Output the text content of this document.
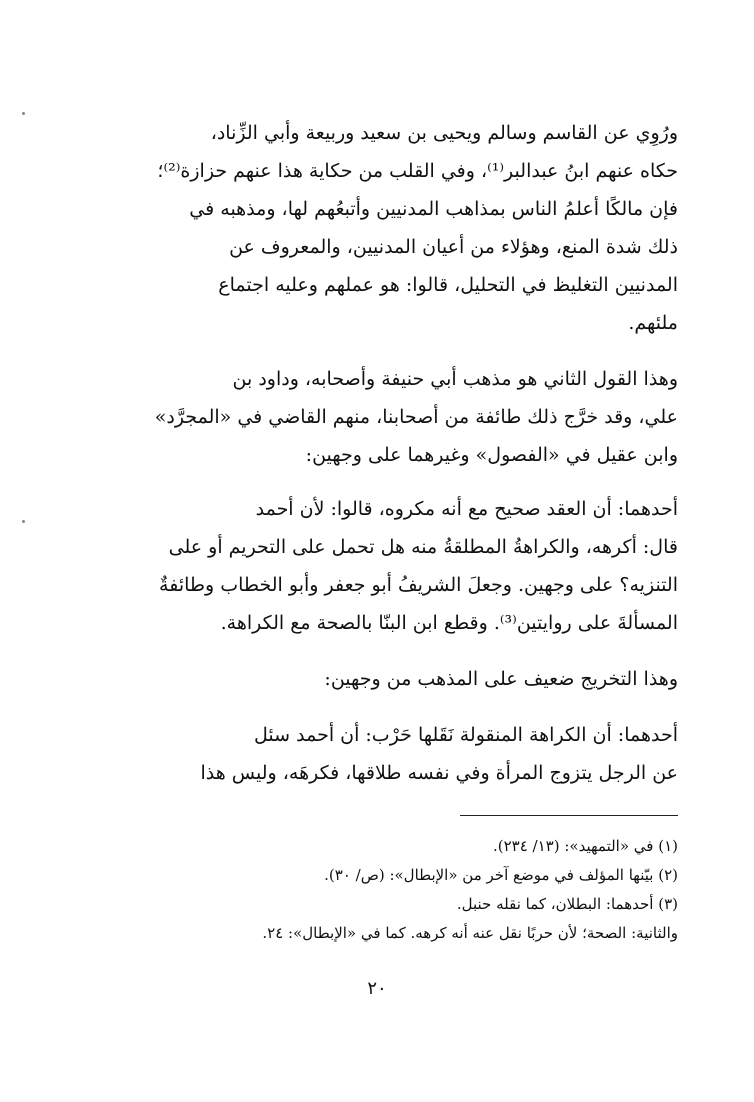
ورُوِي عن القاسم وسالم ويحيى بن سعيد وربيعة وأبي الزِّناد،
حكاه عنهم ابنُ عبدالبر⁽¹⁾، وفي القلب من حكاية هذا عنهم حزازة⁽²⁾؛
فإن مالكًا أعلمُ الناس بمذاهب المدنيين وأتبعُهم لها، ومذهبه في
ذلك شدة المنع، وهؤلاء من أعيان المدنيين، والمعروف عن
المدنيين التغليظ في التحليل، قالوا: هو عملهم وعليه اجتماع
ملئهم.
وهذا القول الثاني هو مذهب أبي حنيفة وأصحابه، وداود بن
علي، وقد خرَّج ذلك طائفة من أصحابنا، منهم القاضي في «المجرَّد»
وابن عقيل في «الفصول» وغيرهما على وجهين:
أحدهما: أن العقد صحيح مع أنه مكروه، قالوا: لأن أحمد
قال: أكرهه، والكراهةُ المطلقةُ منه هل تحمل على التحريم أو على
التنزيه؟ على وجهين. وجعلَ الشريفُ أبو جعفر وأبو الخطاب وطائفةٌ
المسألةَ على روايتين⁽³⁾. وقطع ابن البنّا بالصحة مع الكراهة.
وهذا التخريج ضعيف على المذهب من وجهين:
أحدهما: أن الكراهة المنقولة نَقَلها حَرْب: أن أحمد سئل
عن الرجل يتزوج المرأة وفي نفسه طلاقها، فكرهَه، وليس هذا
(١) في «التمهيد»: (١٣/ ٢٣٤).
(٢) بيّنها المؤلف في موضع آخر من «الإبطال»: (ص/ ٣٠).
(٣) أحدهما: البطلان، كما نقله حنبل.
والثانية: الصحة؛ لأن حربًا نقل عنه أنه كرهه. كما في «الإبطال»: ٢٤.
٢٠
